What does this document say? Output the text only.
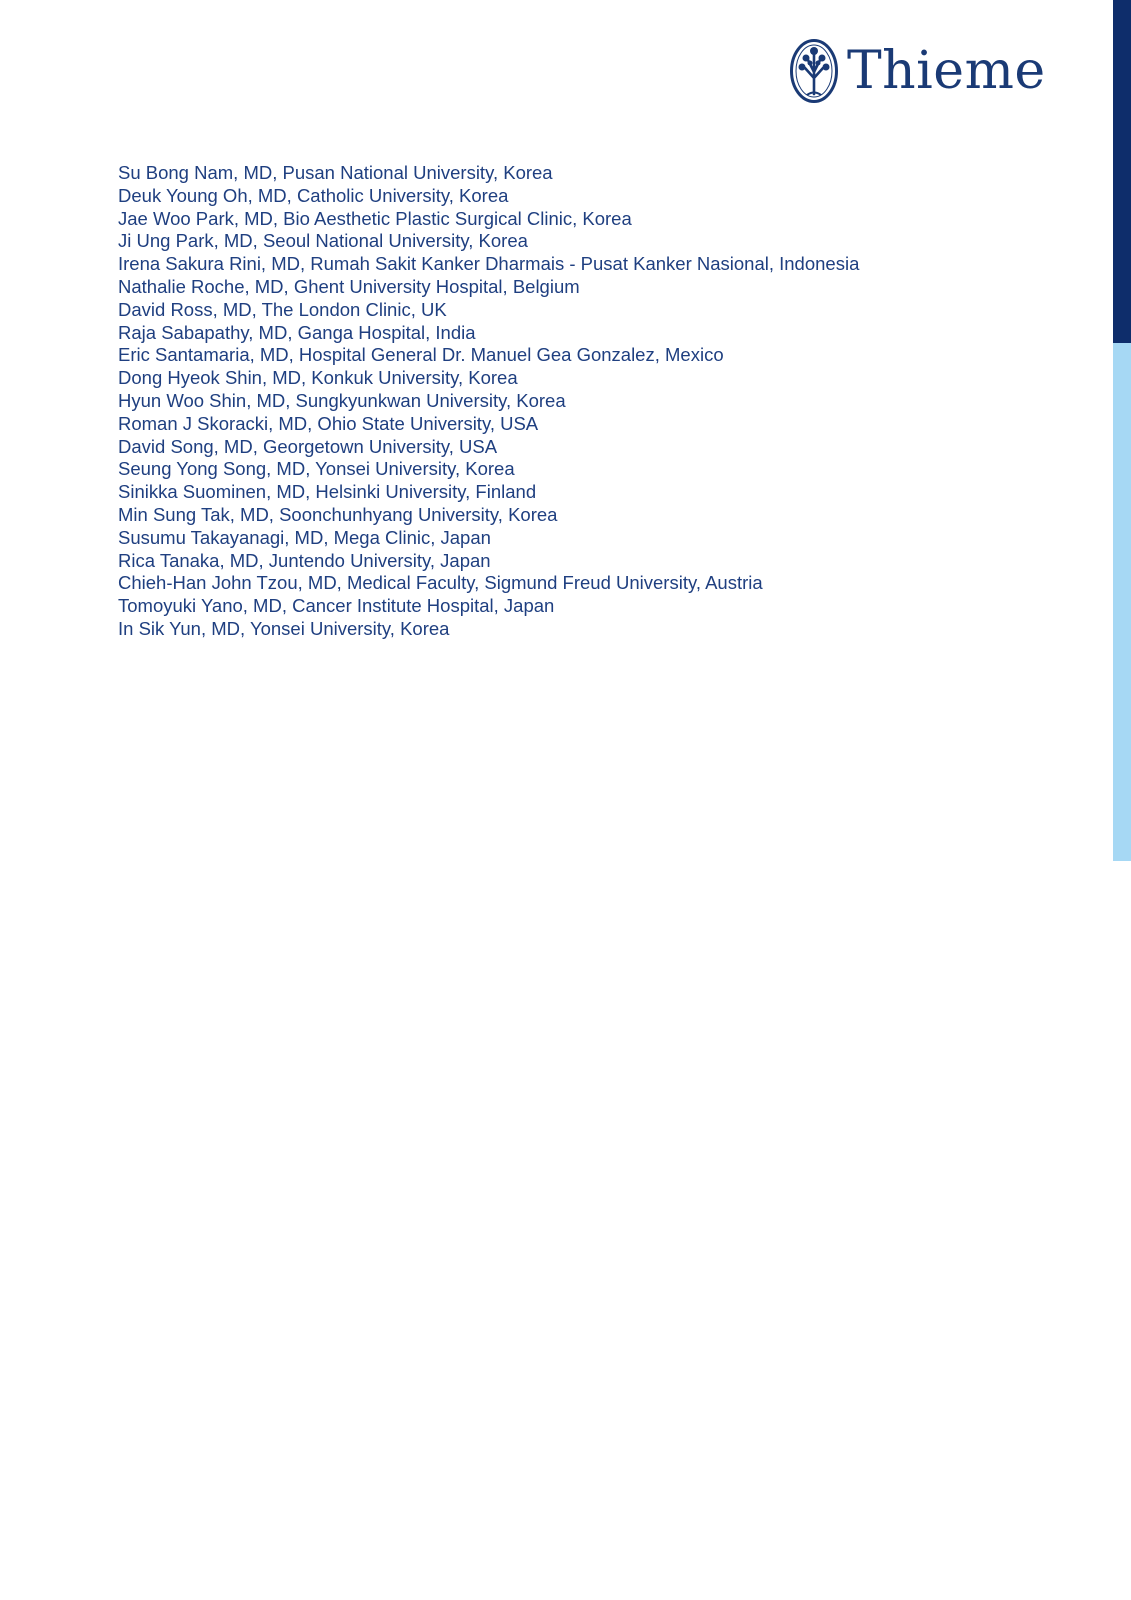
Thieme
Su Bong Nam, MD, Pusan National University, Korea
Deuk Young Oh, MD, Catholic University, Korea
Jae Woo Park, MD, Bio Aesthetic Plastic Surgical Clinic, Korea
Ji Ung Park, MD, Seoul National University, Korea
Irena Sakura Rini, MD, Rumah Sakit Kanker Dharmais - Pusat Kanker Nasional, Indonesia
Nathalie Roche, MD, Ghent University Hospital, Belgium
David Ross, MD, The London Clinic, UK
Raja Sabapathy, MD, Ganga Hospital, India
Eric Santamaria, MD, Hospital General Dr. Manuel Gea Gonzalez, Mexico
Dong Hyeok Shin, MD, Konkuk University, Korea
Hyun Woo Shin, MD, Sungkyunkwan University, Korea
Roman J Skoracki, MD, Ohio State University, USA
David Song, MD, Georgetown University, USA
Seung Yong Song, MD, Yonsei University, Korea
Sinikka Suominen, MD, Helsinki University, Finland
Min Sung Tak, MD, Soonchunhyang University, Korea
Susumu Takayanagi, MD, Mega Clinic, Japan
Rica Tanaka, MD, Juntendo University, Japan
Chieh-Han John Tzou, MD, Medical Faculty, Sigmund Freud University, Austria
Tomoyuki Yano, MD, Cancer Institute Hospital, Japan
In Sik Yun, MD, Yonsei University, Korea
